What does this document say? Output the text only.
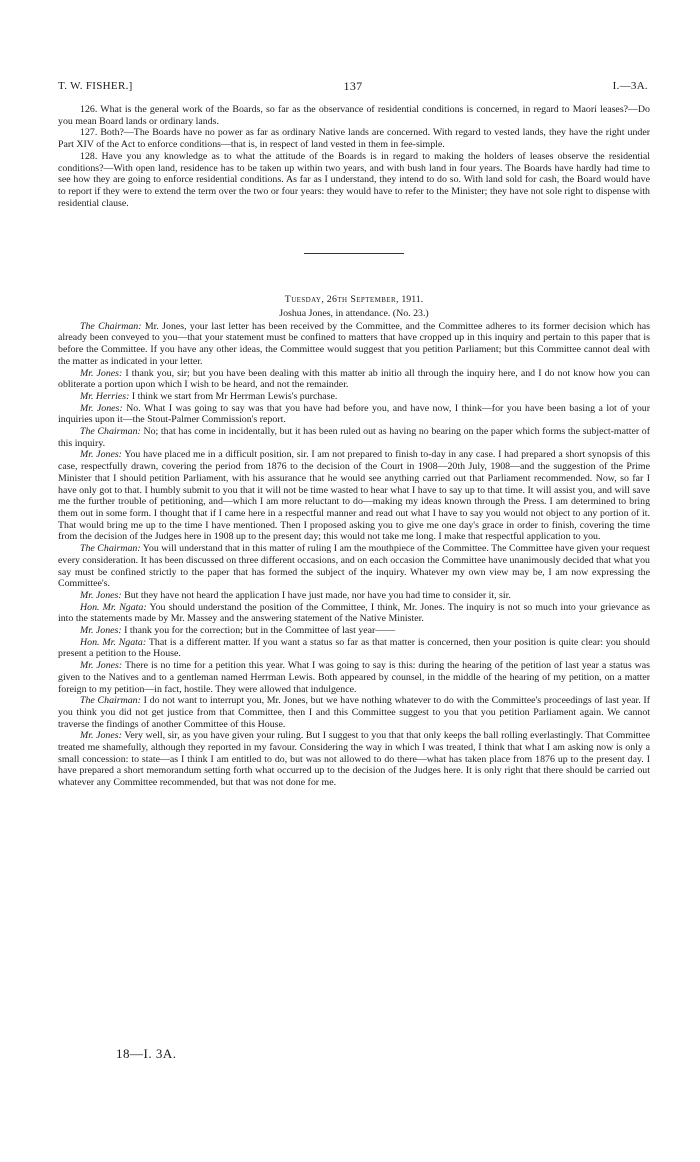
T. W. FISHER.]	137	I.—3A.

126. What is the general work of the Boards, so far as the observance of residential conditions is concerned, in regard to Maori leases?—Do you mean Board lands or ordinary lands.

127. Both?—The Boards have no power as far as ordinary Native lands are concerned. With regard to vested lands, they have the right under Part XIV of the Act to enforce conditions—that is, in respect of land vested in them in fee-simple.

128. Have you any knowledge as to what the attitude of the Boards is in regard to making the holders of leases observe the residential conditions?—With open land, residence has to be taken up within two years, and with bush land in four years. The Boards have hardly had time to see how they are going to enforce residential conditions. As far as I understand, they intend to do so. With land sold for cash, the Board would have to report if they were to extend the term over the two or four years: they would have to refer to the Minister; they have not sole right to dispense with residential clause.

Tuesday, 26th September, 1911.

Joshua Jones, in attendance. (No. 23.)

The Chairman: Mr. Jones, your last letter has been received by the Committee, and the Committee adheres to its former decision which has already been conveyed to you—that your statement must be confined to matters that have cropped up in this inquiry and pertain to this paper that is before the Committee. If you have any other ideas, the Committee would suggest that you petition Parliament; but this Committee cannot deal with the matter as indicated in your letter.

Mr. Jones: I thank you, sir; but you have been dealing with this matter ab initio all through the inquiry here, and I do not know how you can obliterate a portion upon which I wish to be heard, and not the remainder.

Mr. Herries: I think we start from Mr Herrman Lewis's purchase.

Mr. Jones: No. What I was going to say was that you have had before you, and have now, I think—for you have been basing a lot of your inquiries upon it—the Stout-Palmer Commission's report.

The Chairman: No; that has come in incidentally, but it has been ruled out as having no bearing on the paper which forms the subject-matter of this inquiry.

Mr. Jones: You have placed me in a difficult position, sir. I am not prepared to finish to-day in any case. I had prepared a short synopsis of this case, respectfully drawn, covering the period from 1876 to the decision of the Court in 1908—20th July, 1908—and the suggestion of the Prime Minister that I should petition Parliament, with his assurance that he would see anything carried out that Parliament recommended. Now, so far I have only got to that. I humbly submit to you that it will not be time wasted to hear what I have to say up to that time. It will assist you, and will save me the further trouble of petitioning, and—which I am more reluctant to do—making my ideas known through the Press. I am determined to bring them out in some form. I thought that if I came here in a respectful manner and read out what I have to say you would not object to any portion of it. That would bring me up to the time I have mentioned. Then I proposed asking you to give me one day's grace in order to finish, covering the time from the decision of the Judges here in 1908 up to the present day; this would not take me long. I make that respectful application to you.

The Chairman: You will understand that in this matter of ruling I am the mouthpiece of the Committee. The Committee have given your request every consideration. It has been discussed on three different occasions, and on each occasion the Committee have unanimously decided that what you say must be confined strictly to the paper that has formed the subject of the inquiry. Whatever my own view may be, I am now expressing the Committee's.

Mr. Jones: But they have not heard the application I have just made, nor have you had time to consider it, sir.

Hon. Mr. Ngata: You should understand the position of the Committee, I think, Mr. Jones. The inquiry is not so much into your grievance as into the statements made by Mr. Massey and the answering statement of the Native Minister.

Mr. Jones: I thank you for the correction; but in the Committee of last year——

Hon. Mr. Ngata: That is a different matter. If you want a status so far as that matter is concerned, then your position is quite clear: you should present a petition to the House.

Mr. Jones: There is no time for a petition this year. What I was going to say is this: during the hearing of the petition of last year a status was given to the Natives and to a gentleman named Herrman Lewis. Both appeared by counsel, in the middle of the hearing of my petition, on a matter foreign to my petition—in fact, hostile. They were allowed that indulgence.

The Chairman: I do not want to interrupt you, Mr. Jones, but we have nothing whatever to do with the Committee's proceedings of last year. If you think you did not get justice from that Committee, then I and this Committee suggest to you that you petition Parliament again. We cannot traverse the findings of another Committee of this House.

Mr. Jones: Very well, sir, as you have given your ruling. But I suggest to you that that only keeps the ball rolling everlastingly. That Committee treated me shamefully, although they reported in my favour. Considering the way in which I was treated, I think that what I am asking now is only a small concession: to state—as I think I am entitled to do, but was not allowed to do there—what has taken place from 1876 up to the present day. I have prepared a short memorandum setting forth what occurred up to the decision of the Judges here. It is only right that there should be carried out whatever any Committee recommended, but that was not done for me.

18—I. 3A.
